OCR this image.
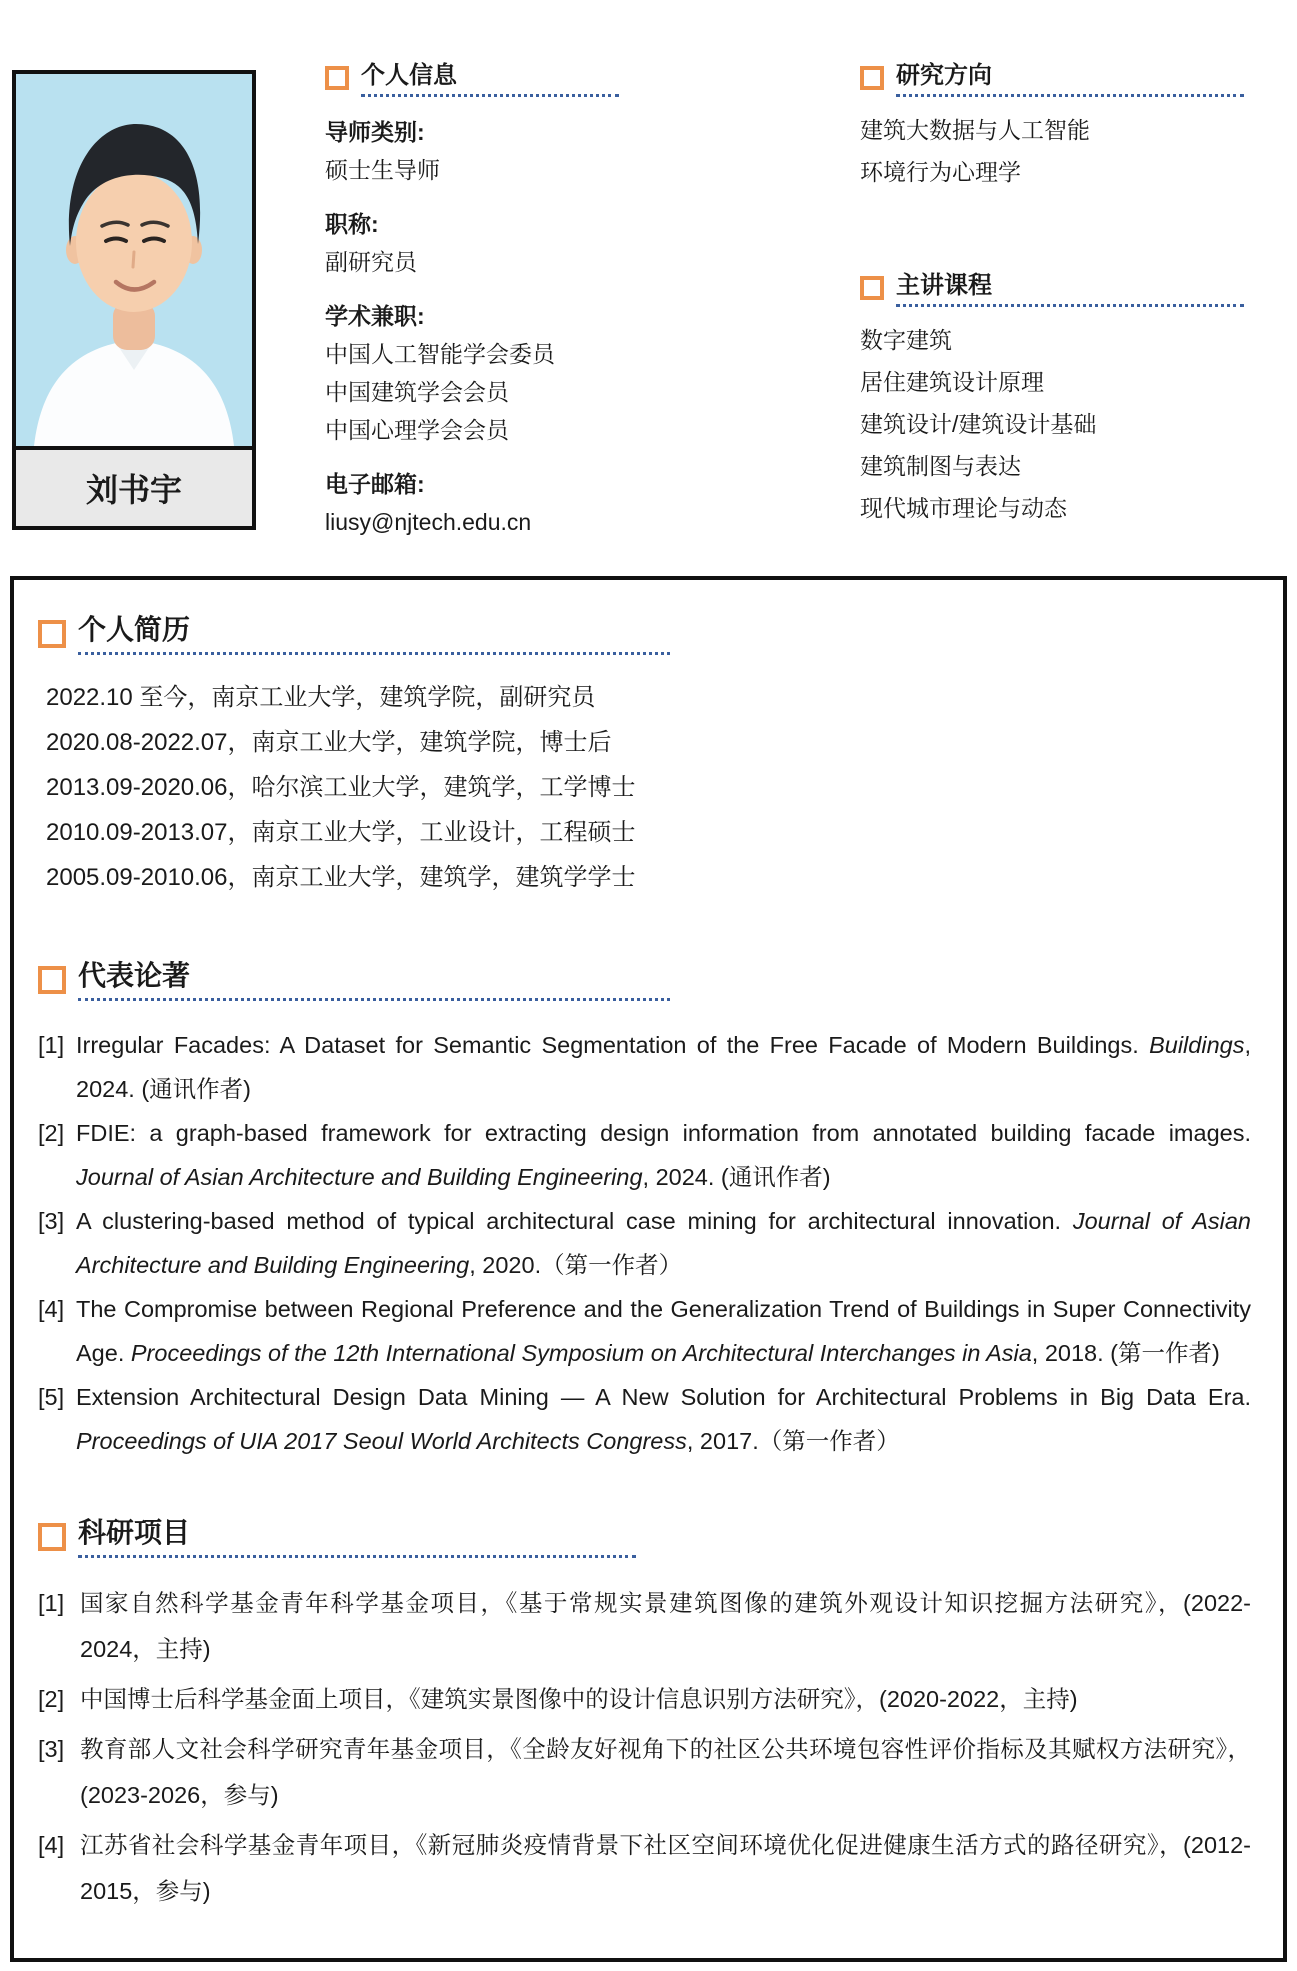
刘书宇
个人信息
导师类别:
硕士生导师
职称:
副研究员
学术兼职:
中国人工智能学会委员
中国建筑学会会员
中国心理学会会员
电子邮箱:
liusy@njtech.edu.cn
研究方向
建筑大数据与人工智能
环境行为心理学
主讲课程
数字建筑
居住建筑设计原理
建筑设计/建筑设计基础
建筑制图与表达
现代城市理论与动态
个人简历
2022.10 至今，南京工业大学，建筑学院，副研究员
2020.08-2022.07，南京工业大学，建筑学院，博士后
2013.09-2020.06，哈尔滨工业大学，建筑学，工学博士
2010.09-2013.07，南京工业大学，工业设计，工程硕士
2005.09-2010.06，南京工业大学，建筑学，建筑学学士
代表论著
[1] Irregular Facades: A Dataset for Semantic Segmentation of the Free Facade of Modern Buildings. Buildings, 2024. (通讯作者)
[2] FDIE: a graph-based framework for extracting design information from annotated building facade images. Journal of Asian Architecture and Building Engineering, 2024. (通讯作者)
[3] A clustering-based method of typical architectural case mining for architectural innovation. Journal of Asian Architecture and Building Engineering, 2020.（第一作者）
[4] The Compromise between Regional Preference and the Generalization Trend of Buildings in Super Connectivity Age. Proceedings of the 12th International Symposium on Architectural Interchanges in Asia, 2018. (第一作者)
[5] Extension Architectural Design Data Mining — A New Solution for Architectural Problems in Big Data Era. Proceedings of UIA 2017 Seoul World Architects Congress, 2017.（第一作者）
科研项目
[1] 国家自然科学基金青年科学基金项目，《基于常规实景建筑图像的建筑外观设计知识挖掘方法研究》，(2022-2024，主持)
[2] 中国博士后科学基金面上项目，《建筑实景图像中的设计信息识别方法研究》，(2020-2022，主持)
[3] 教育部人文社会科学研究青年基金项目，《全龄友好视角下的社区公共环境包容性评价指标及其赋权方法研究》，(2023-2026，参与)
[4] 江苏省社会科学基金青年项目，《新冠肺炎疫情背景下社区空间环境优化促进健康生活方式的路径研究》，(2012-2015，参与)
